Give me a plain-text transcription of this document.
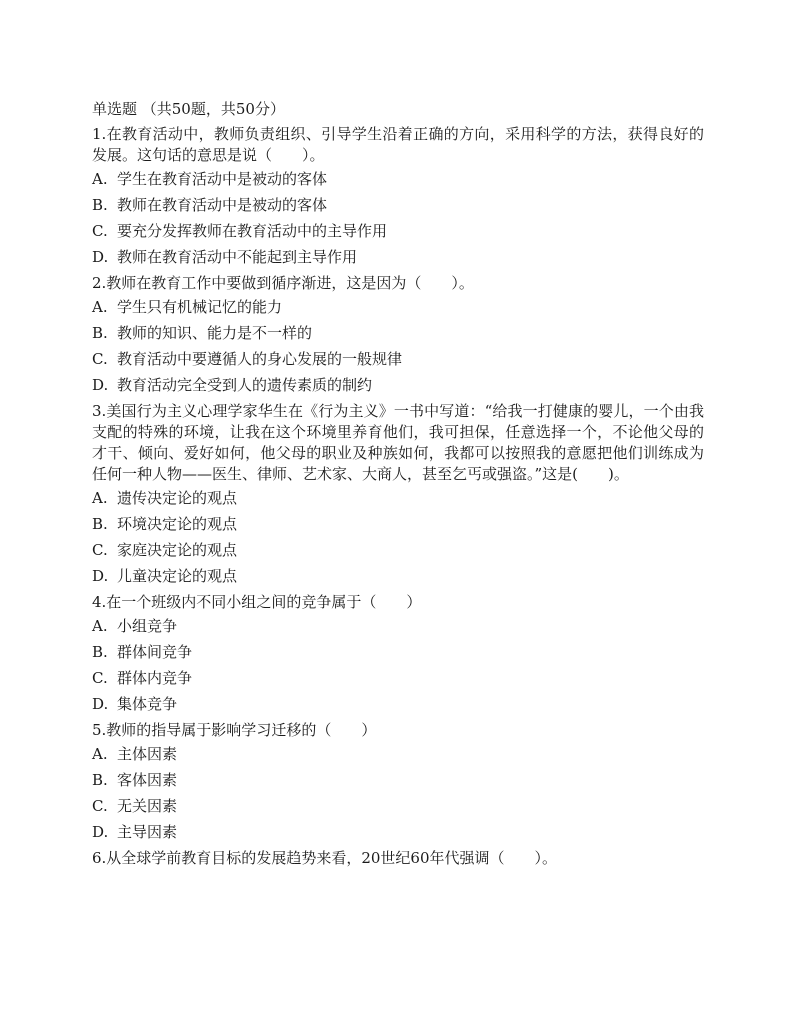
单选题 （共50题，共50分）
1.在教育活动中，教师负责组织、引导学生沿着正确的方向，采用科学的方法，获得良好的发展。这句话的意思是说（　　）。
A. 学生在教育活动中是被动的客体
B. 教师在教育活动中是被动的客体
C. 要充分发挥教师在教育活动中的主导作用
D. 教师在教育活动中不能起到主导作用
2.教师在教育工作中要做到循序渐进，这是因为（　　）。
A. 学生只有机械记忆的能力
B. 教师的知识、能力是不一样的
C. 教育活动中要遵循人的身心发展的一般规律
D. 教育活动完全受到人的遗传素质的制约
3.美国行为主义心理学家华生在《行为主义》一书中写道：“给我一打健康的婴儿，一个由我支配的特殊的环境，让我在这个环境里养育他们，我可担保，任意选择一个，不论他父母的才干、倾向、爱好如何，他父母的职业及种族如何，我都可以按照我的意愿把他们训练成为任何一种人物——医生、律师、艺术家、大商人，甚至乞丐或强盗。”这是(　　)。
A. 遗传决定论的观点
B. 环境决定论的观点
C. 家庭决定论的观点
D. 儿童决定论的观点
4.在一个班级内不同小组之间的竞争属于（　　）
A. 小组竞争
B. 群体间竞争
C. 群体内竞争
D. 集体竞争
5.教师的指导属于影响学习迁移的（　　）
A. 主体因素
B. 客体因素
C. 无关因素
D. 主导因素
6.从全球学前教育目标的发展趋势来看，20世纪60年代强调（　　）。
